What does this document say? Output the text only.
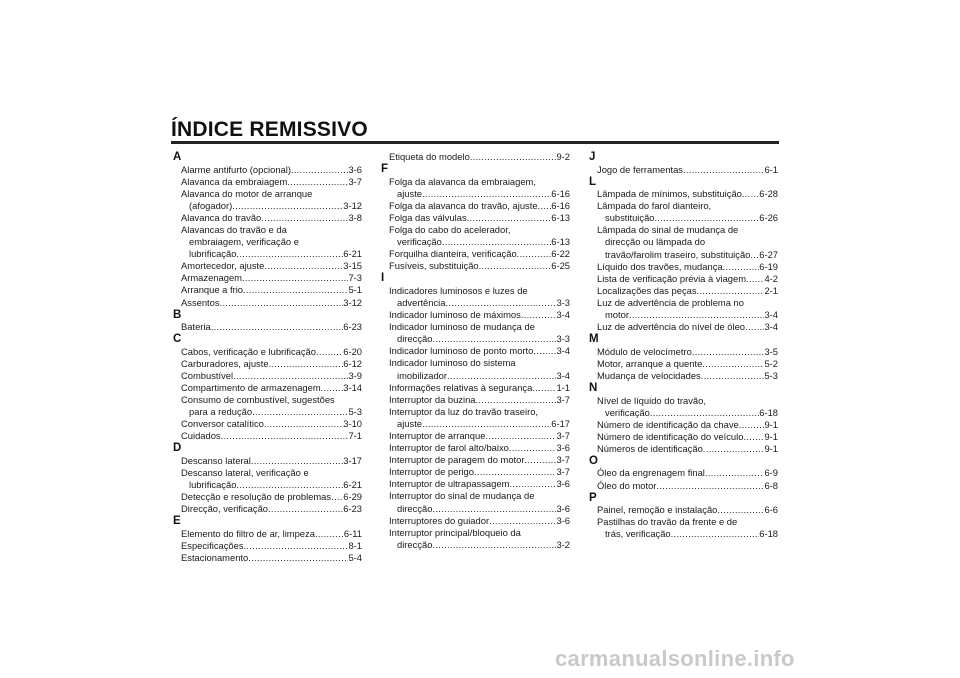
ÍNDICE REMISSIVO
A
Alarme antifurto (opcional) .....	3-6
Alavanca da embraiagem .....	3-7
Alavanca do motor de arranque
(afogador) .....	3-12
Alavanca do travão .....	3-8
Alavancas do travão e da
embraiagem, verificação e
lubrificação .....	6-21
Amortecedor, ajuste .....	3-15
Armazenagem .....	7-3
Arranque a frio .....	5-1
Assentos .....	3-12
B
Bateria .....	6-23
C
Cabos, verificação e lubrificação .....	6-20
Carburadores, ajuste .....	6-12
Combustível .....	3-9
Compartimento de armazenagem ..... 3-14
Consumo de combustível, sugestões
para a redução .....	5-3
Conversor catalítico .....	3-10
Cuidados .....	7-1
D
Descanso lateral .....	3-17
Descanso lateral, verificação e
lubrificação .....	6-21
Detecção e resolução de problemas ..... 6-29
Direcção, verificação .....	6-23
E
Elemento do filtro de ar, limpeza .....	6-11
Especificações .....	8-1
Estacionamento .....	5-4
Etiqueta do modelo .....	9-2
F
Folga da alavanca da embraiagem,
ajuste .....	6-16
Folga da alavanca do travão, ajuste ..... 6-16
Folga das válvulas .....	6-13
Folga do cabo do acelerador,
verificação .....	6-13
Forquilha dianteira, verificação .....	6-22
Fusíveis, substituição .....	6-25
I
Indicadores luminosos e luzes de
advertência .....	3-3
Indicador luminoso de máximos .....	3-4
Indicador luminoso de mudança de
direcção .....	3-3
Indicador luminoso de ponto morto ..... 3-4
Indicador luminoso do sistema
imobilizador .....	3-4
Informações relativas à segurança .....	1-1
Interruptor da buzina .....	3-7
Interruptor da luz do travão traseiro,
ajuste .....	6-17
Interruptor de arranque .....	3-7
Interruptor de farol alto/baixo .....	3-6
Interruptor de paragem do motor .....	3-7
Interruptor de perigo .....	3-7
Interruptor de ultrapassagem .....	3-6
Interruptor do sinal de mudança de
direcção .....	3-6
Interruptores do guiador .....	3-6
Interruptor principal/bloqueio da
direcção .....	3-2
J
Jogo de ferramentas .....	6-1
L
Lâmpada de mínimos, substituição ..... 6-28
Lâmpada do farol dianteiro,
substituição .....	6-26
Lâmpada do sinal de mudança de
direcção ou lâmpada do
travão/farolim traseiro, substituição ..... 6-27
Líquido dos travões, mudança .....	6-19
Lista de verificação prévia à viagem ..... 4-2
Localizações das peças .....	2-1
Luz de advertência de problema no
motor .....	3-4
Luz de advertência do nível de óleo ..... 3-4
M
Módulo de velocímetro .....	3-5
Motor, arranque a quente .....	5-2
Mudança de velocidades .....	5-3
N
Nível de líquido do travão,
verificação .....	6-18
Número de identificação da chave .....	9-1
Número de identificação do veículo ..... 9-1
Números de identificação .....	9-1
O
Óleo da engrenagem final .....	6-9
Óleo do motor .....	6-8
P
Painel, remoção e instalação .....	6-6
Pastilhas do travão da frente e de
trás, verificação .....	6-18
carmanualsonline.info
